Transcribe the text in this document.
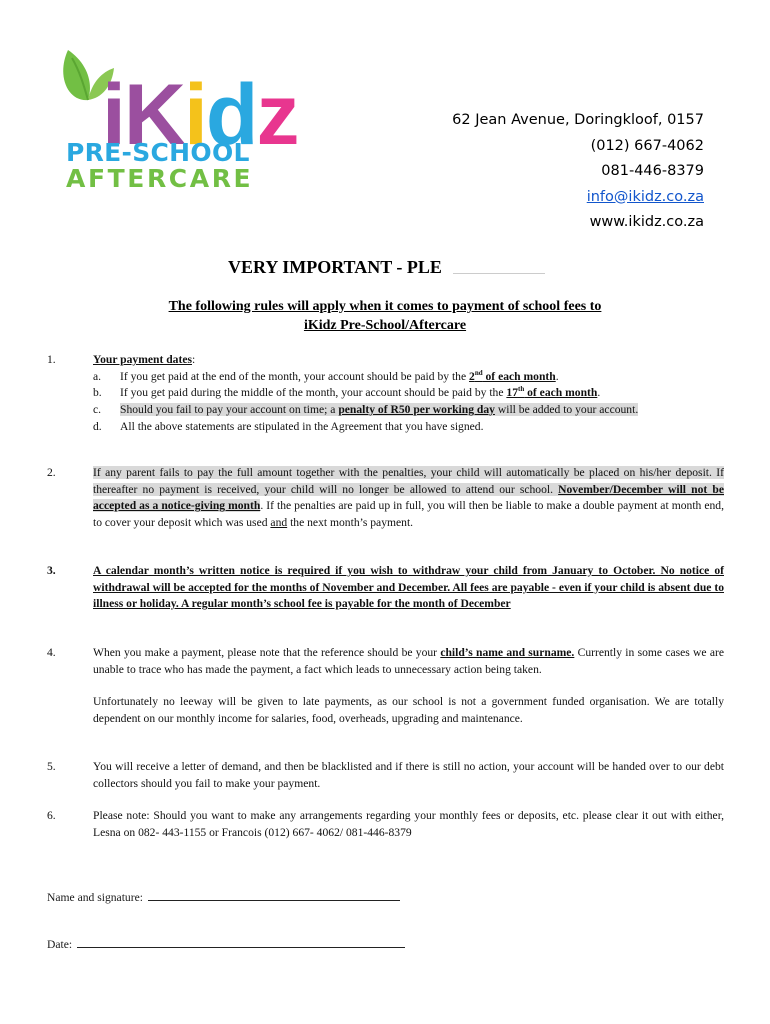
iKidz
PRE-SCHOOL
AFTERCARE
62 Jean Avenue, Doringkloof, 0157
(012) 667-4062
081-446-8379
info@ikidz.co.za
www.ikidz.co.za
VERY IMPORTANT - PLE
The following rules will apply when it comes to payment of school fees to
iKidz Pre-School/Aftercare
1.	Your payment dates:
a. If you get paid at the end of the month, your account should be paid by the 2nd of each month.
b. If you get paid during the middle of the month, your account should be paid by the 17th of each month.
c. Should you fail to pay your account on time; a penalty of R50 per working day will be added to your account.
d. All the above statements are stipulated in the Agreement that you have signed.
2.	If any parent fails to pay the full amount together with the penalties, your child will automatically be placed on his/her deposit. If thereafter no payment is received, your child will no longer be allowed to attend our school. November/December will not be accepted as a notice-giving month. If the penalties are paid up in full, you will then be liable to make a double payment at month end, to cover your deposit which was used and the next month’s payment.
3.	A calendar month’s written notice is required if you wish to withdraw your child from January to October. No notice of withdrawal will be accepted for the months of November and December. All fees are payable - even if your child is absent due to illness or holiday. A regular month’s school fee is payable for the month of December
4.	When you make a payment, please note that the reference should be your child’s name and surname. Currently in some cases we are unable to trace who has made the payment, a fact which leads to unnecessary action being taken.
Unfortunately no leeway will be given to late payments, as our school is not a government funded organisation. We are totally dependent on our monthly income for salaries, food, overheads, upgrading and maintenance.
5.	You will receive a letter of demand, and then be blacklisted and if there is still no action, your account will be handed over to our debt collectors should you fail to make your payment.
6.	Please note: Should you want to make any arrangements regarding your monthly fees or deposits, etc. please clear it out with either, Lesna on 082- 443-1155 or Francois (012) 667- 4062/ 081-446-8379
Name and signature:
Date:
